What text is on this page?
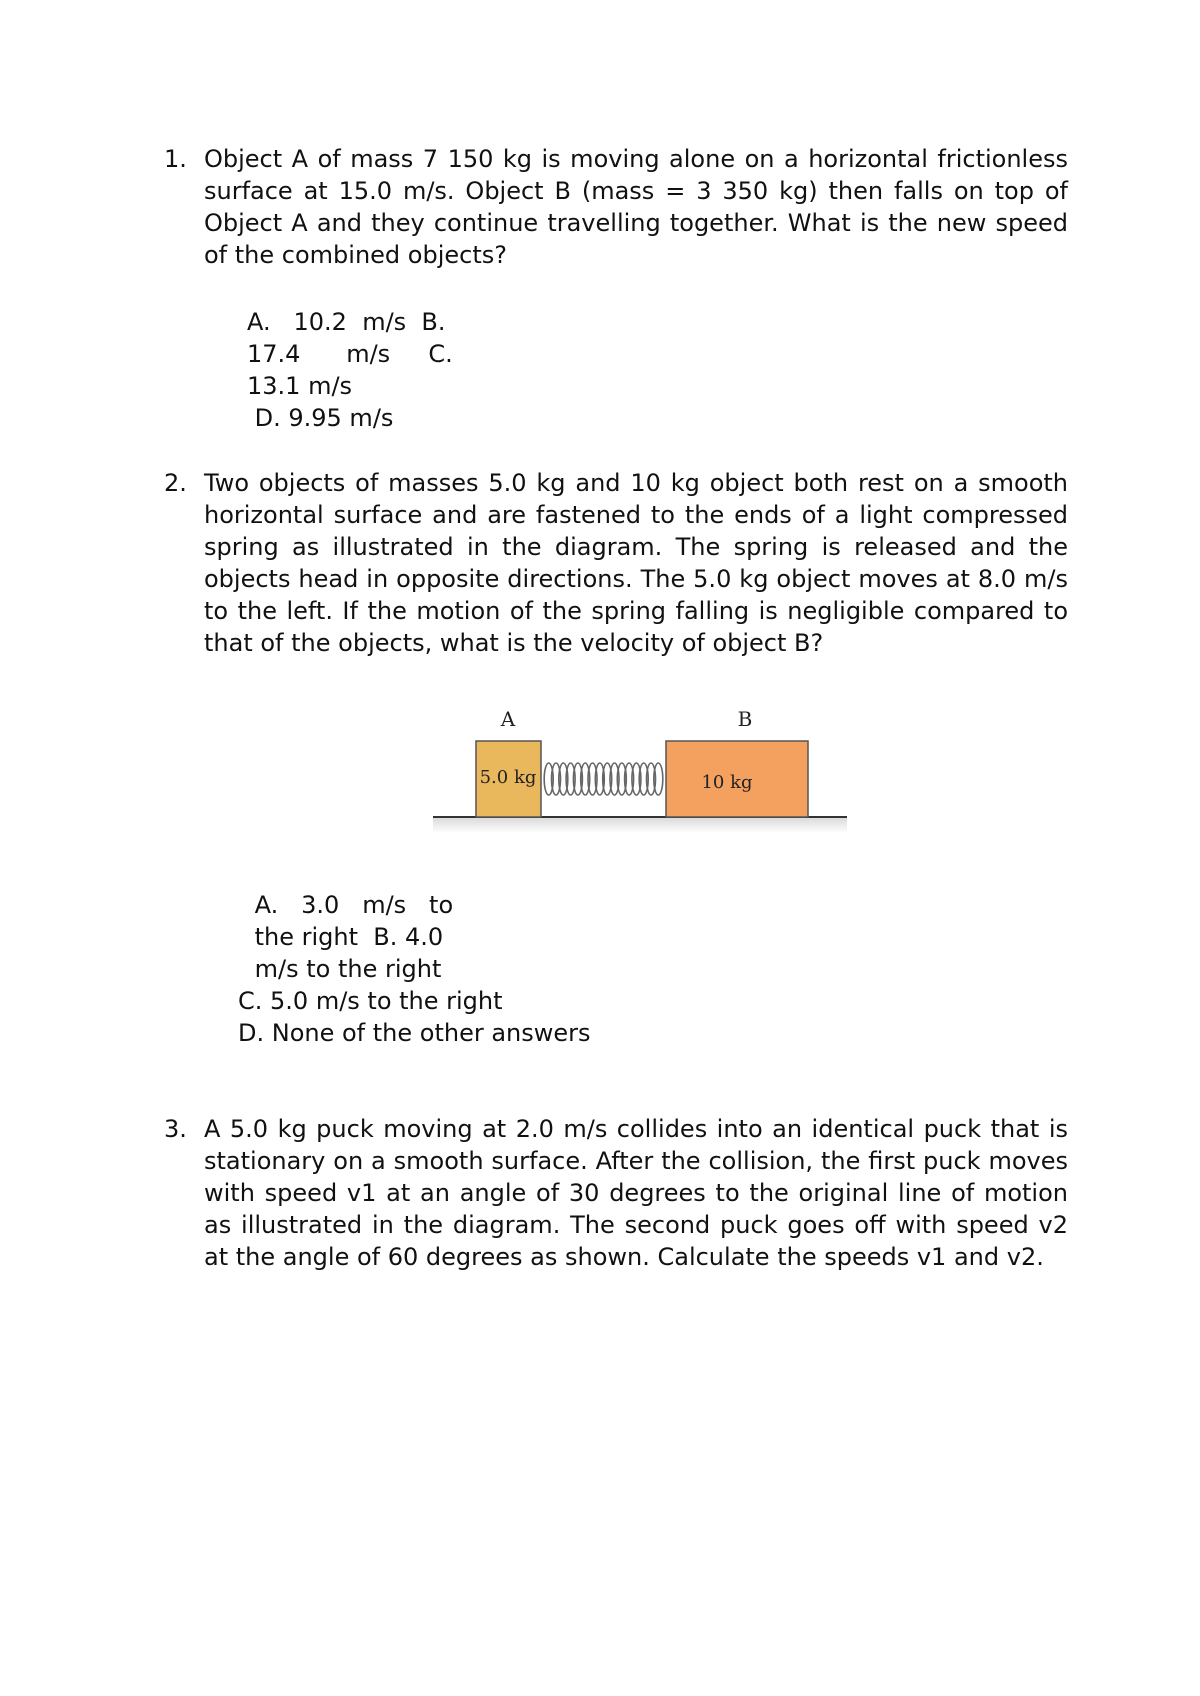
1. Object A of mass 7 150 kg is moving alone on a horizontal frictionless surface at 15.0 m/s. Object B (mass = 3 350 kg) then falls on top of Object A and they continue travelling together. What is the new speed of the combined objects?
A.   10.2  m/s  B.
17.4      m/s     C.
13.1 m/s
D. 9.95 m/s
2. Two objects of masses 5.0 kg and 10 kg object both rest on a smooth horizontal surface and are fastened to the ends of a light compressed spring as illustrated in the diagram. The spring is released and the objects head in opposite directions. The 5.0 kg object moves at 8.0 m/s to the left. If the motion of the spring falling is negligible compared to that of the objects, what is the velocity of object B?
A	B
5.0 kg	10 kg
A.   3.0   m/s   to
the right  B. 4.0
m/s to the right
C. 5.0 m/s to the right
D. None of the other answers
3. A 5.0 kg puck moving at 2.0 m/s collides into an identical puck that is stationary on a smooth surface. After the collision, the first puck moves with speed v1 at an angle of 30 degrees to the original line of motion as illustrated in the diagram. The second puck goes off with speed v2 at the angle of 60 degrees as shown. Calculate the speeds v1 and v2.
